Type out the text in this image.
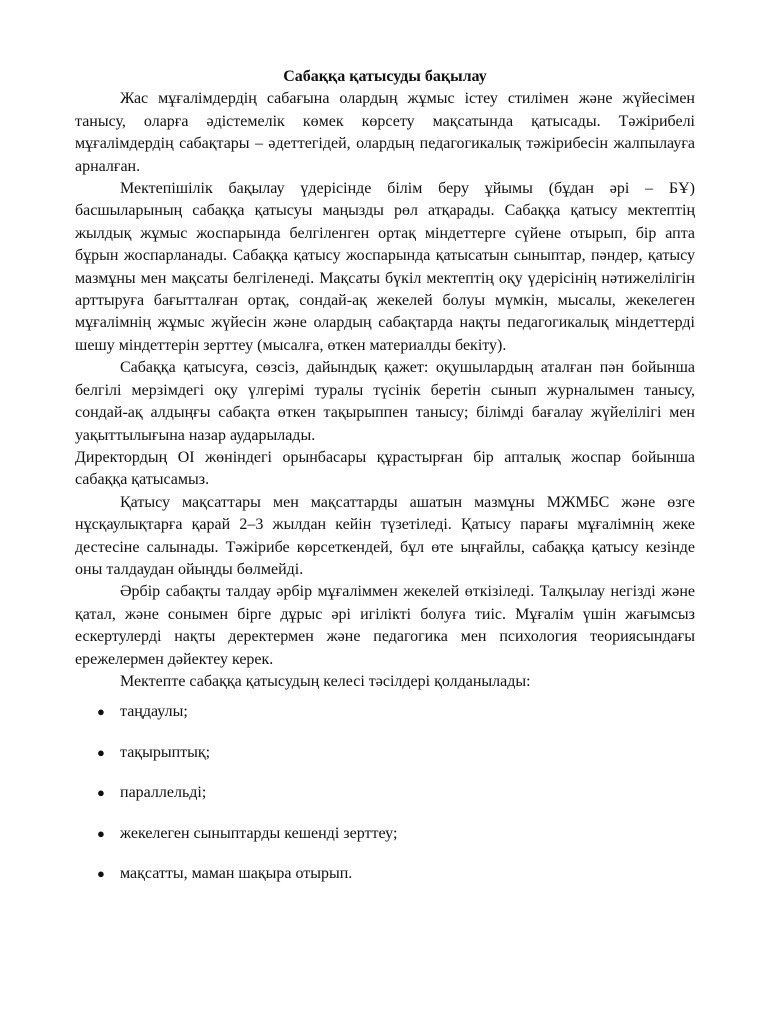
Сабаққа қатысуды бақылау

Жас мұғалімдердің сабағына олардың жұмыс істеу стилімен және жүйесімен танысу, оларға әдістемелік көмек көрсету мақсатында қатысады. Тәжірибелі мұғалімдердің сабақтары – әдеттегідей, олардың педагогикалық тәжірибесін жалпылауға арналған.

Мектепішілік бақылау үдерісінде білім беру ұйымы (бұдан әрі – БҰ) басшыларының сабаққа қатысуы маңызды рөл атқарады. Сабаққа қатысу мектептің жылдық жұмыс жоспарында белгіленген ортақ міндеттерге сүйене отырып, бір апта бұрын жоспарланады. Сабаққа қатысу жоспарында қатысатын сыныптар, пәндер, қатысу мазмұны мен мақсаты белгіленеді. Мақсаты бүкіл мектептің оқу үдерісінің нәтижелілігін арттыруға бағытталған ортақ, сондай-ақ жекелей болуы мүмкін, мысалы, жекелеген мұғалімнің жұмыс жүйесін және олардың сабақтарда нақты педагогикалық міндеттерді шешу міндеттерін зерттеу (мысалға, өткен материалды бекіту).

Сабаққа қатысуға, сөзсіз, дайындық қажет: оқушылардың аталған пән бойынша белгілі мерзімдегі оқу үлгерімі туралы түсінік беретін сынып журналымен танысу, сондай-ақ алдыңғы сабақта өткен тақырыппен танысу; білімді бағалау жүйелілігі мен уақыттылығына назар аударылады.

Директордың ОІ жөніндегі орынбасары құрастырған бір апталық жоспар бойынша сабаққа қатысамыз.

Қатысу мақсаттары мен мақсаттарды ашатын мазмұны МЖМБС және өзге нұсқаулықтарға қарай 2–3 жылдан кейін түзетіледі. Қатысу парағы мұғалімнің жеке дестесіне салынады. Тәжірибе көрсеткендей, бұл өте ыңғайлы, сабаққа қатысу кезінде оны талдаудан ойыңды бөлмейді.

Әрбір сабақты талдау әрбір мұғаліммен жекелей өткізіледі. Талқылау негізді және қатал, және сонымен бірге дұрыс әрі игілікті болуға тиіс. Мұғалім үшін жағымсыз ескертулерді нақты деректермен және педагогика мен психология теориясындағы ережелермен дәйектеу керек.

Мектепте сабаққа қатысудың келесі тәсілдері қолданылады:

● таңдаулы;
● тақырыптық;
● параллельді;
● жекелеген сыныптарды кешенді зерттеу;
● мақсатты, маман шақыра отырып.
